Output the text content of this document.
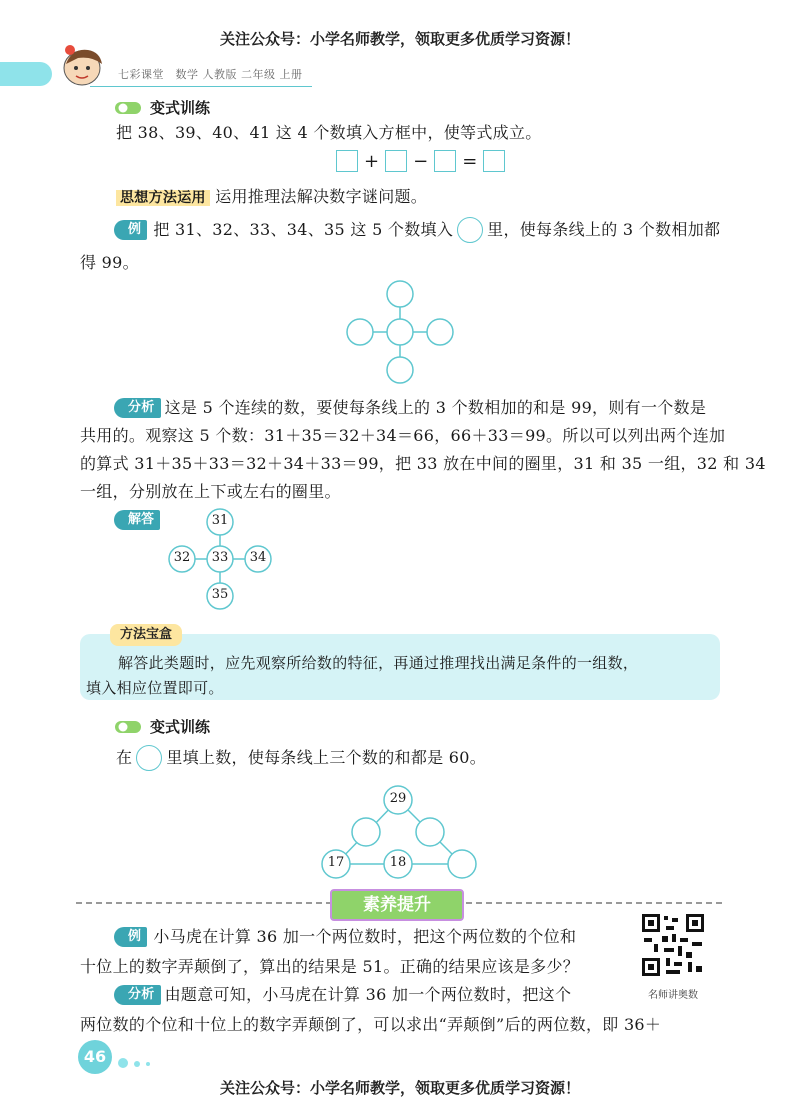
关注公众号：小学名师教学，领取更多优质学习资源！
七彩课堂　数学 人教版 二年级 上册
变式训练
把 38、39、40、41 这 4 个数填入方框中，使等式成立。
+ − =
思想方法运用 运用推理法解决数字谜问题。
例 把 31、32、33、34、35 这 5 个数填入 里，使每条线上的 3 个数相加都
得 99。
分析 这是 5 个连续的数，要使每条线上的 3 个数相加的和是 99，则有一个数是
共用的。观察这 5 个数：31＋35＝32＋34＝66，66＋33＝99。所以可以列出两个连加
的算式 31＋35＋33＝32＋34＋33＝99，把 33 放在中间的圈里，31 和 35 一组，32 和 34
一组，分别放在上下或左右的圈里。
解答	31
32	33	34
35
方法宝盒
解答此类题时，应先观察所给数的特征，再通过推理找出满足条件的一组数，
填入相应位置即可。
变式训练
在 里填上数，使每条线上三个数的和都是 60。
29
17	18
素养提升
例 小马虎在计算 36 加一个两位数时，把这个两位数的个位和
十位上的数字弄颠倒了，算出的结果是 51。正确的结果应该是多少？
名师讲奥数
分析 由题意可知，小马虎在计算 36 加一个两位数时，把这个
两位数的个位和十位上的数字弄颠倒了，可以求出“弄颠倒”后的两位数，即 36＋
46
关注公众号：小学名师教学，领取更多优质学习资源！
